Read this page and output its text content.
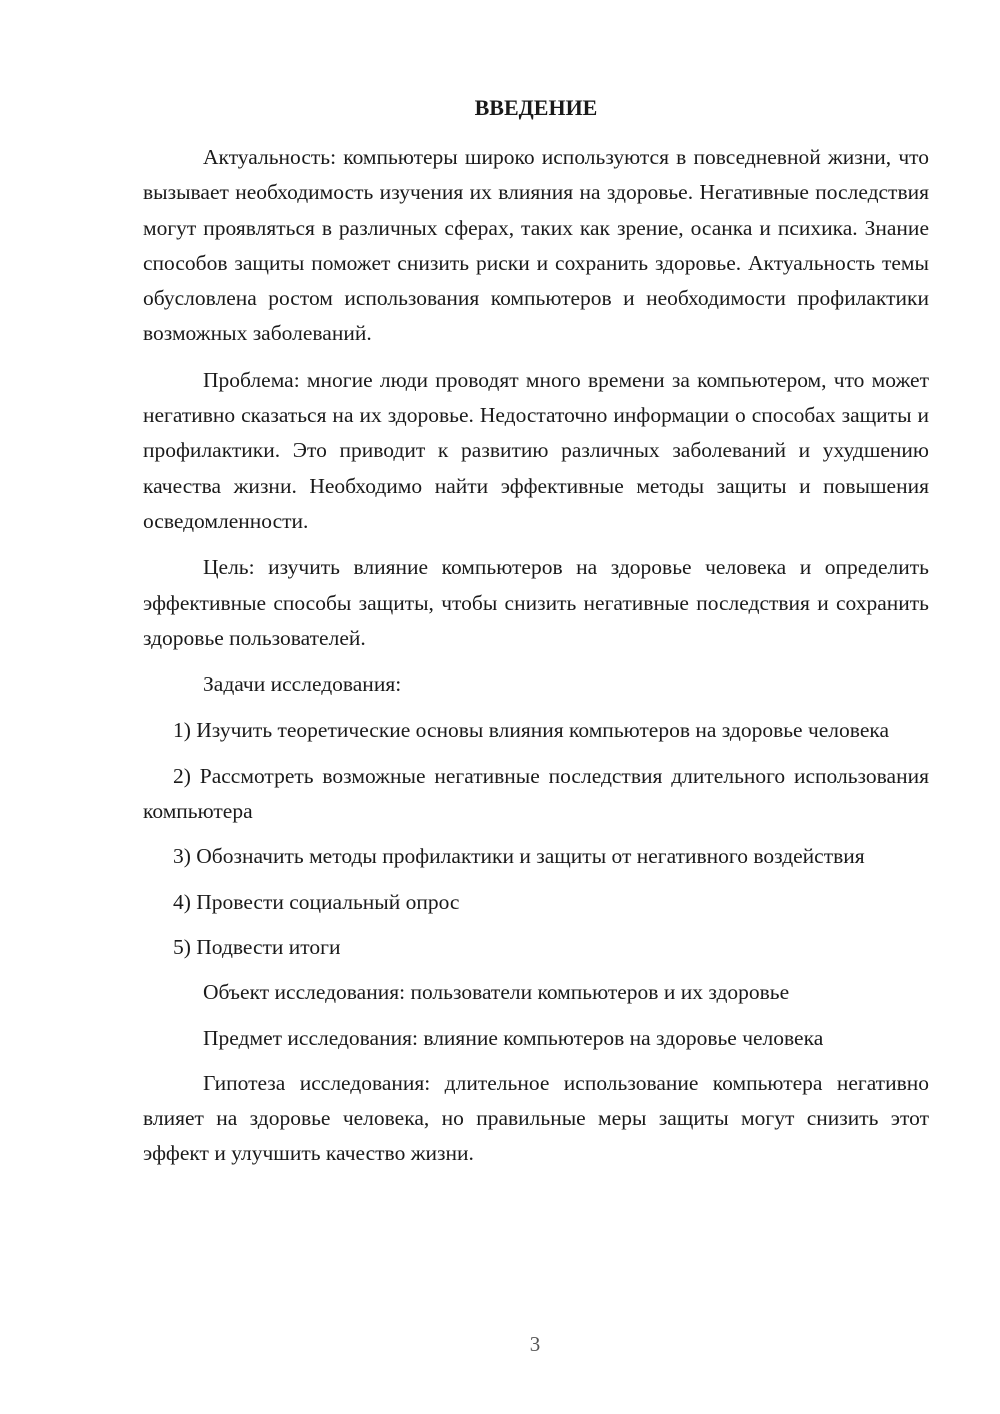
ВВЕДЕНИЕ

Актуальность: компьютеры широко используются в повседневной жизни, что вызывает необходимость изучения их влияния на здоровье. Негативные последствия могут проявляться в различных сферах, таких как зрение, осанка и психика. Знание способов защиты поможет снизить риски и сохранить здоровье. Актуальность темы обусловлена ростом использования компьютеров и необходимости профилактики возможных заболеваний.

Проблема: многие люди проводят много времени за компьютером, что может негативно сказаться на их здоровье. Недостаточно информации о способах защиты и профилактики. Это приводит к развитию различных заболеваний и ухудшению качества жизни. Необходимо найти эффективные методы защиты и повышения осведомленности.

Цель: изучить влияние компьютеров на здоровье человека и определить эффективные способы защиты, чтобы снизить негативные последствия и сохранить здоровье пользователей.

Задачи исследования:

1) Изучить теоретические основы влияния компьютеров на здоровье человека

2) Рассмотреть возможные негативные последствия длительного использования компьютера

3) Обозначить методы профилактики и защиты от негативного воздействия

4) Провести социальный опрос

5) Подвести итоги

Объект исследования: пользователи компьютеров и их здоровье

Предмет исследования: влияние компьютеров на здоровье человека

Гипотеза исследования: длительное использование компьютера негативно влияет на здоровье человека, но правильные меры защиты могут снизить этот эффект и улучшить качество жизни.

3
